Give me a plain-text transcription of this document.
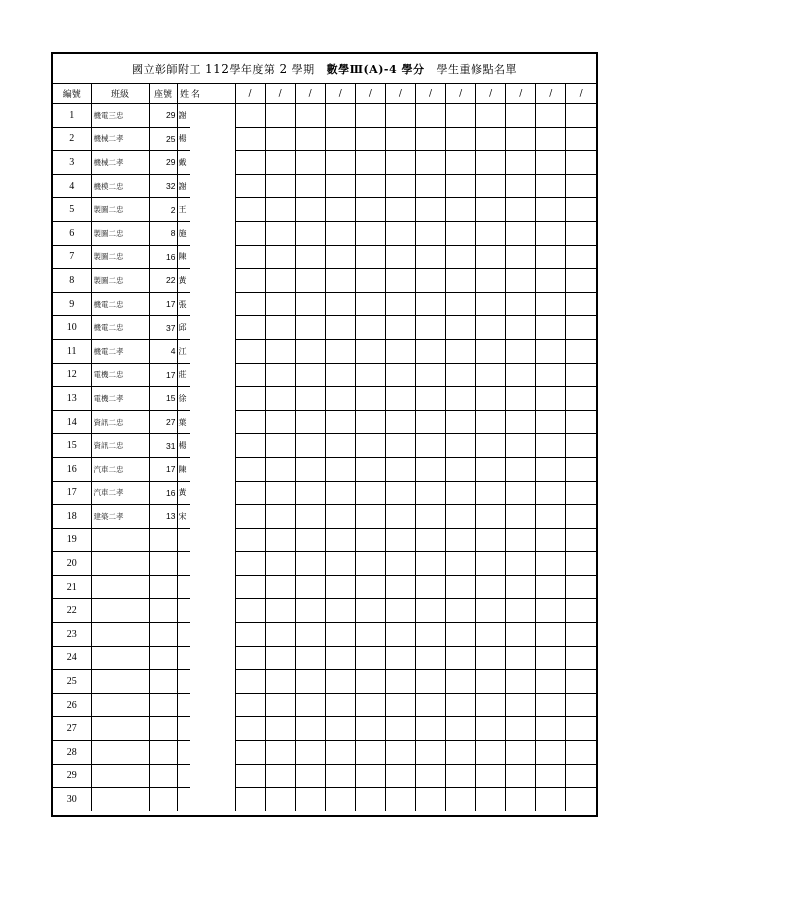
國立彰師附工 112學年度第 2 學期 數學Ⅲ(A)-4 學分 學生重修點名單
編號	班級	座號	姓	名	/	/	/	/	/	/	/	/	/	/	/	/
1	機電三忠	29	謝													
2	機械二孝	25	楊													
3	機械二孝	29	戴													
4	機模二忠	32	謝													
5	製圖二忠	2	王													
6	製圖二忠	8	施													
7	製圖二忠	16	陳													
8	製圖二忠	22	黃													
9	機電二忠	17	張													
10	機電二忠	37	邱													
11	機電二孝	4	江													
12	電機二忠	17	莊													
13	電機二孝	15	徐													
14	資訊二忠	27	葉													
15	資訊二忠	31	楊													
16	汽車二忠	17	陳													
17	汽車二孝	16	黃													
18	建築二孝	13	宋													
19																
20																
21																
22																
23																
24																
25																
26																
27																
28																
29																
30																
